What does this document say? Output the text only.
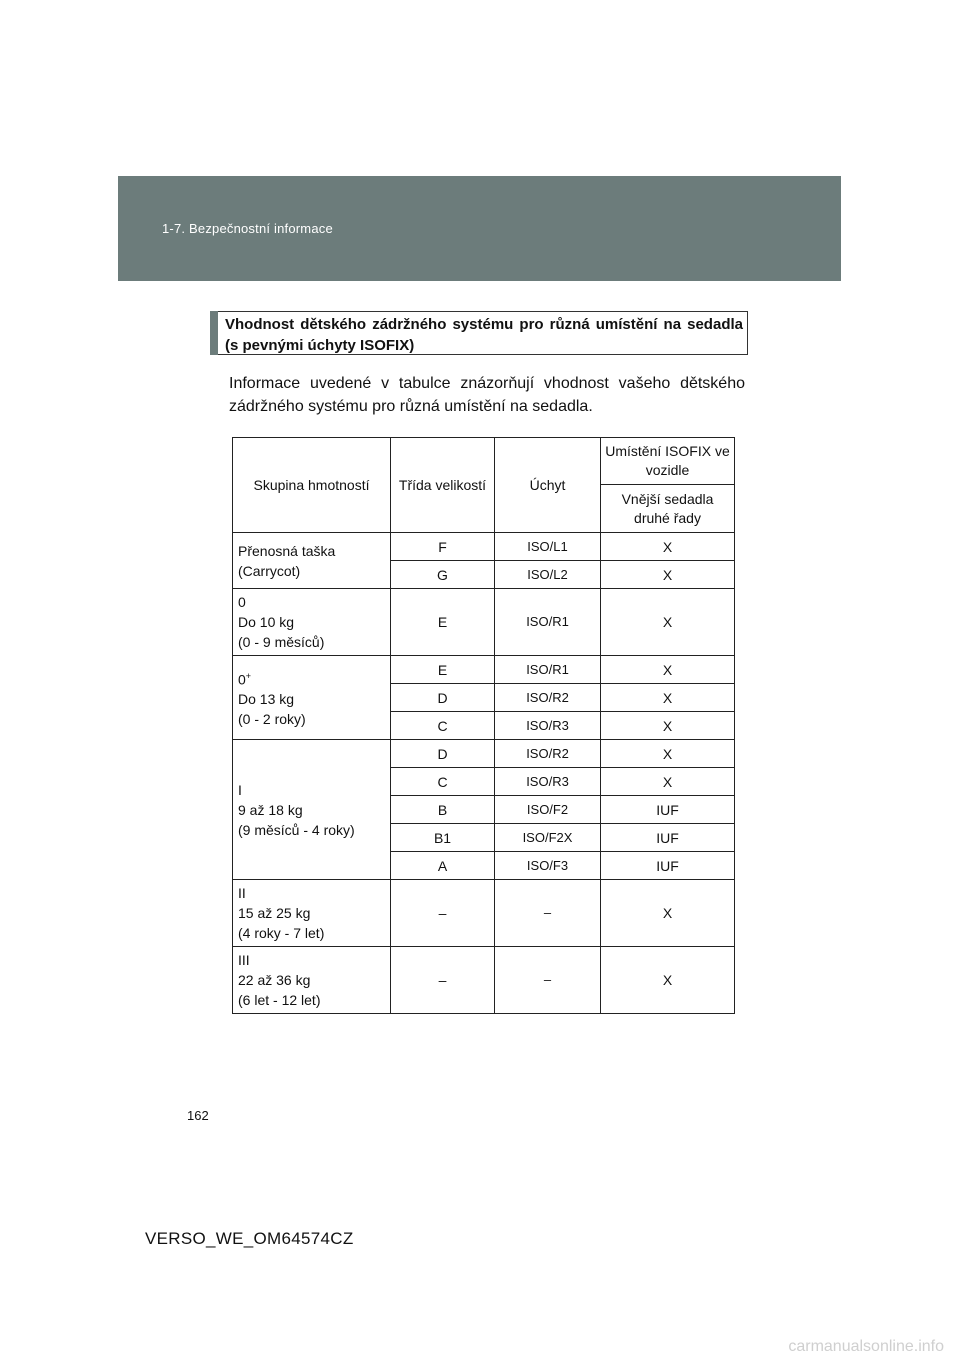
1-7. Bezpečnostní informace
Vhodnost dětského zádržného systému pro různá umístění na sedadla (s pevnými úchyty ISOFIX)
Informace uvedené v tabulce znázorňují vhodnost vašeho dětského zádržného systému pro různá umístění na sedadla.
Skupina hmotností	Třída velikostí	Úchyt	Umístění ISOFIX ve vozidle
			Vnější sedadla druhé řady

Přenosná taška
(Carrycot)	F	ISO/L1	X
	G	ISO/L2	X

0
Do 10 kg
(0 - 9 měsíců)	E	ISO/R1	X

0+
Do 13 kg
(0 - 2 roky)	E	ISO/R1	X
	D	ISO/R2	X
	C	ISO/R3	X

I
9 až 18 kg
(9 měsíců - 4 roky)	D	ISO/R2	X
	C	ISO/R3	X
	B	ISO/F2	IUF
	B1	ISO/F2X	IUF
	A	ISO/F3	IUF

II
15 až 25 kg
(4 roky - 7 let)	–	–	X

III
22 až 36 kg
(6 let - 12 let)	–	–	X
162
VERSO_WE_OM64574CZ
carmanualsonline.info
